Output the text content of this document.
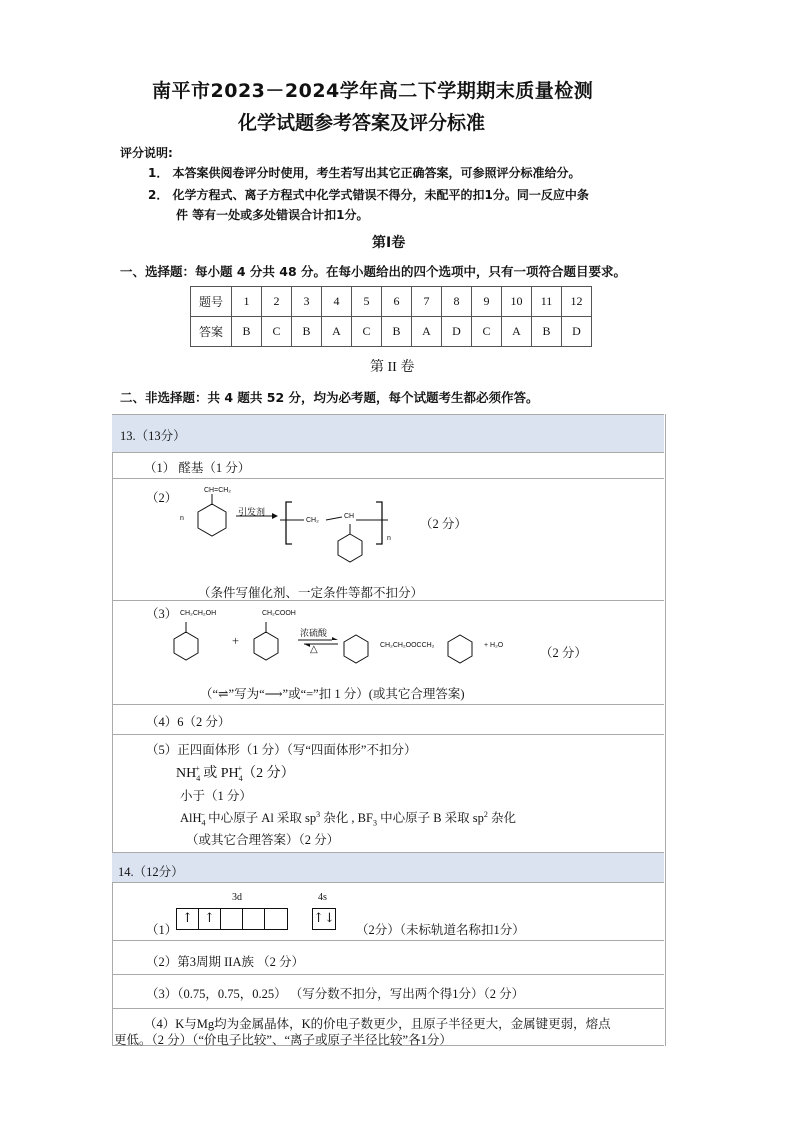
南平市2023－2024学年高二下学期期末质量检测
化学试题参考答案及评分标准
评分说明:
1． 本答案供阅卷评分时使用，考生若写出其它正确答案，可参照评分标准给分。
2． 化学方程式、离子方程式中化学式错误不得分，未配平的扣1分。同一反应中条
件 等有一处或多处错误合计扣1分。
第Ⅰ卷
一、选择题：每小题 4 分共 48 分。在每小题给出的四个选项中，只有一项符合题目要求。
题号	1	2	3	4	5	6	7	8	9	10	11	12
答案	B	C	B	A	C	B	A	D	C	A	B	D
第 II 卷
二、非选择题：共 4 题共 52 分，均为必考题，每个试题考生都必须作答。
13.（13分）
（1） 醛基（1 分）
（2）
CH=CH₂
n
引发剂
CH₂
CH
n
（2 分）
（条件写催化剂、一定条件等都不扣分）
（3） CH₂CH₂OH	CH₂COOH
+
浓硫酸
△	CH₂CH₂OOCCH₂	+ H₂O
（2 分）
（“⇌”写为“⟶”或“=”扣 1 分）(或其它合理答案)
（4）6（2 分）
（5）正四面体形（1 分）（写“四面体形”不扣分）
$NH_4^+$ 或 $PH_4^+(2$ 分）
小于（1 分）
AlH$_4$− 中心原子 Al 采取 $sp^3$ 杂化 , $BF_3$ 中心原子 B 采取 $sp^2$ 杂化
（或其它合理答案）（2 分）
14.（12分）
（1）
3d	4s
↑ ↑	↑↓
（2分）（未标轨道名称扣1分）
（2）第3周期 IIA族 （2 分）
（3）（0.75，0.75，0.25） （写分数不扣分，写出两个得1分）（2 分）
（4）K与Mg均为金属晶体，K的价电子数更少，且原子半径更大，金属键更弱，熔点
更低。（2 分）（“价电子比较”、“离子或原子半径比较”各1分）
